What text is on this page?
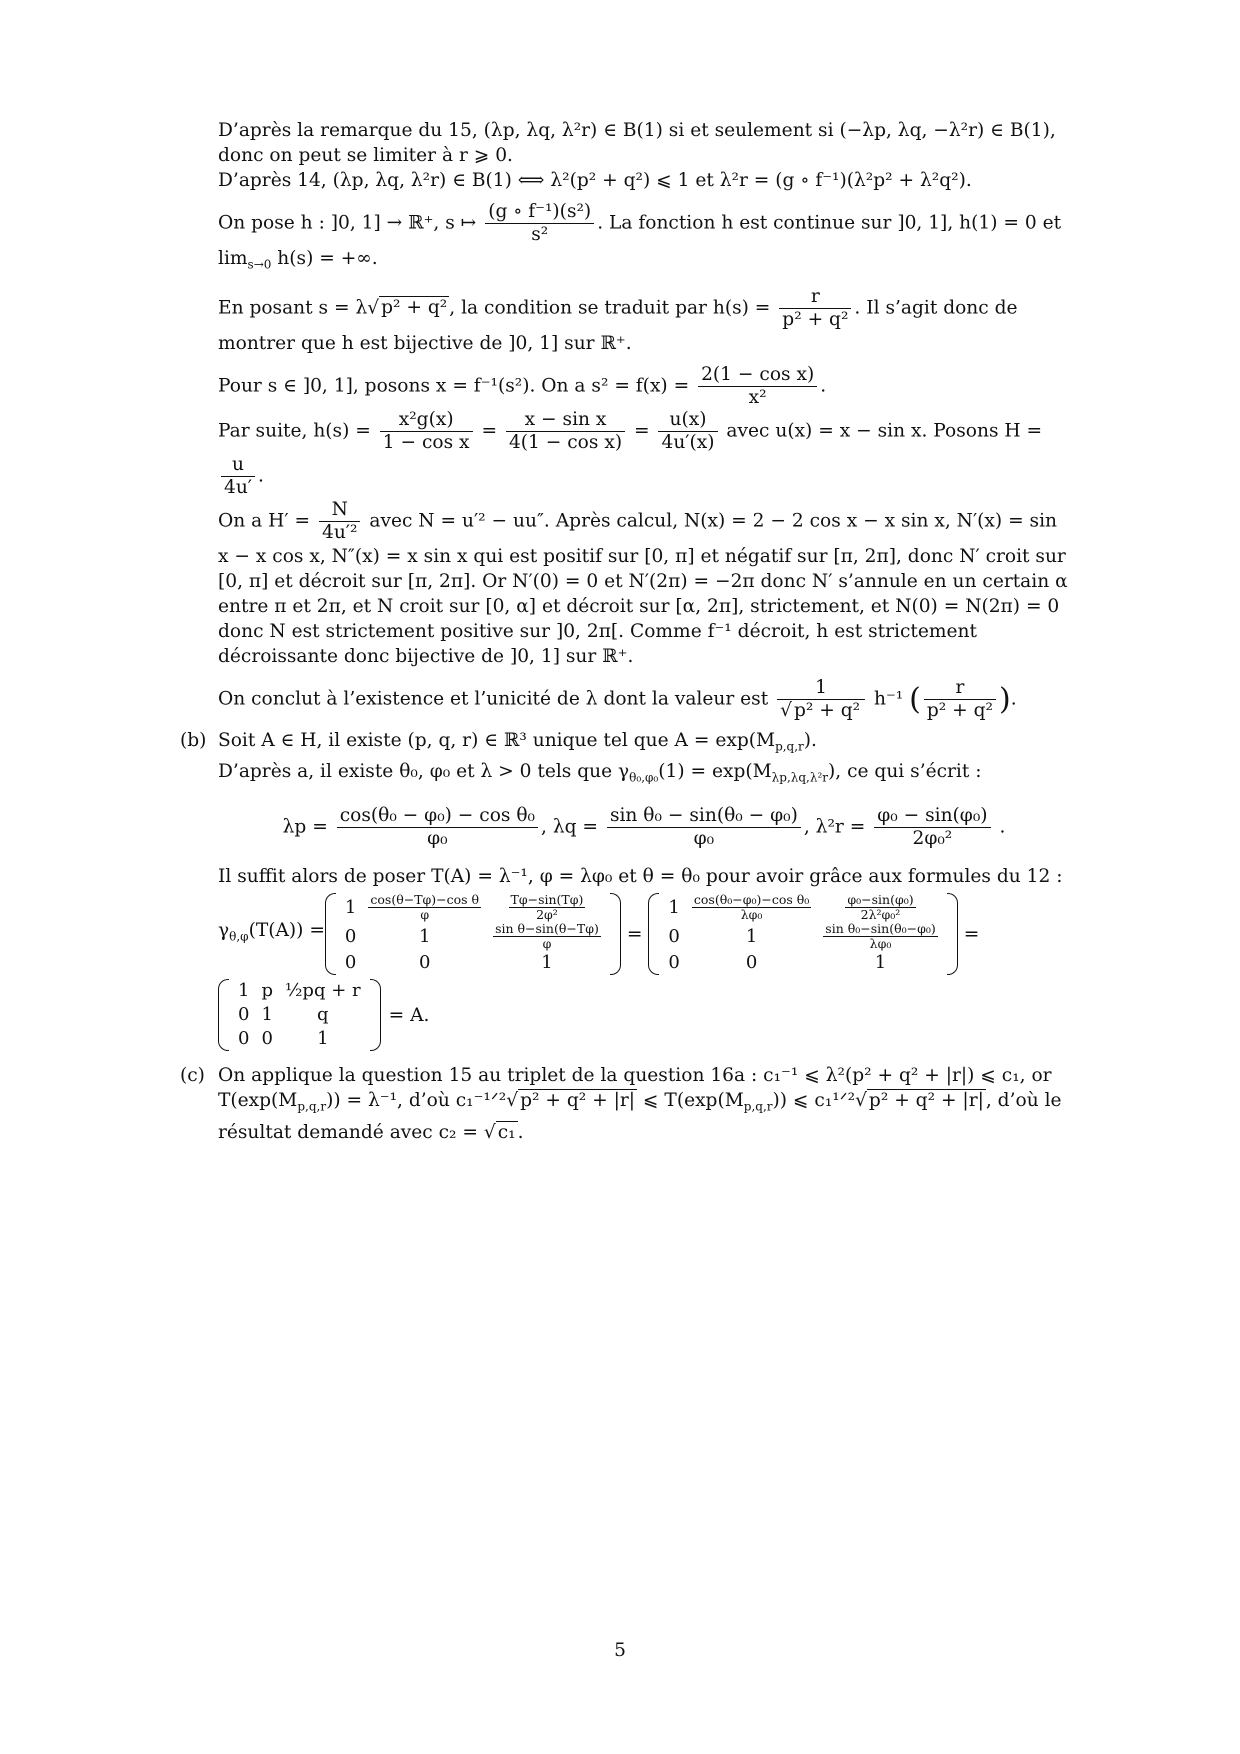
D’après la remarque du 15, (λp, λq, λ²r) ∈ B(1) si et seulement si (−λp, λq, −λ²r) ∈ B(1), donc on peut se limiter à r ⩾ 0.

D’après 14, (λp, λq, λ²r) ∈ B(1) ⟺ λ²(p² + q²) ⩽ 1 et λ²r = (g ∘ f⁻¹)(λ²p² + λ²q²).

On pose h : ]0, 1] → ℝ⁺, s ↦ $\frac{\text{(g ∘ f⁻¹)(s²)}}{\text{s²}}$ . La fonction h est continue sur ]0, 1], h(1) = 0 et $\lim_{s\to 0} h(s)$ = +∞.

En posant s = λ√ p² + q² , la condition se traduit par $h(s) = \frac{r}{\text{p² + q²}}$ . Il s’agit donc de montrer que h est bijective de ]0, 1] sur ℝ⁺.

Pour s ∈ ]0, 1], posons x = f⁻¹(s²). On a $s^2 = f(x) = \frac{\text{2(1 − cos x)}}{\text{x²}}$ .

Par suite, $h(s) = \frac{\text{x²g(x)}}{\text{1 − cos x}} = \frac{\text{x − sin x}}{\text{4(1 − cos x)}} = \frac{u(x)}{4u'(x)}$ avec u(x) = x − sin x. Posons H =
$\frac{u}{4u'}$ .

On a $H' = \frac{N}{\text{4u′²}}$ avec N = u′² − uu″. Après calcul, N(x) = 2 − 2 cos x − x sin x, N′(x) = sin x − x cos x, N″(x) = x sin x qui est positif sur [0, π] et négatif sur [π, 2π], donc N′ croit sur [0, π] et décroit sur [π, 2π]. Or N′(0) = 0 et N′(2π) = −2π donc N′ s’annule en un certain α entre π et 2π, et N croit sur [0, α] et décroit sur [α, 2π], strictement, et N(0) = N(2π) = 0 donc N est strictement positive sur ]0, 2π[. Comme f⁻¹ décroit, h est strictement décroissante donc bijective de ]0, 1] sur ℝ⁺.

On conclut à l’existence et l’unicité de λ dont la valeur est $\frac{1}{\text{√ p² + q²}} h^{-1}$ ( $\frac{r}{\text{p² + q²}}$ ).

(b) Soit A ∈ H, il existe (p, q, r) ∈ ℝ³ unique tel que $A = \exp(M_{p,q,r})$.

D’après a, il existe θ₀, φ₀ et λ > 0 tels que $\gamma_{\theta_0,\varphi_0}(1) = \exp(M_{\lambda p,\lambda q,\lambda^2r})$, ce qui s’écrit :

$\lambda p = \frac{\text{cos(θ₀ − φ₀) − cos θ₀}}{\text{φ₀}}$ , $\lambda q = \frac{\text{sin θ₀ − sin(θ₀ − φ₀)}}{\text{φ₀}}$ , $\lambda^2r = \frac{\text{φ₀ − sin(φ₀)}}{\text{2φ₀²}}$ .

Il suffit alors de poser T(A) = λ⁻¹, φ = λφ₀ et θ = θ₀ pour avoir grâce aux formules du 12 :

$\gamma_{\theta,\varphi}(T(A))$ =
1	$\frac{\text{cos(θ−Tφ)−cos θ}}{\varphi}$	$\frac{T\varphi-\sin(T\varphi)}{\text{2φ²}}$

0	1	$\frac{\text{sin θ−sin(θ−Tφ)}}{\varphi}$

0	0	1
=
1	$\frac{\text{cos(θ₀−φ₀)−cos θ₀}}{\text{λφ₀}}$	$\frac{\text{φ₀−sin(φ₀)}}{\text{2λ²φ₀²}}$

0	1	$\frac{\text{sin θ₀−sin(θ₀−φ₀)}}{\text{λφ₀}}$

0	0	1
=
1	p	½pq + r
0	1	q
0	0	1
= A.
(c) On applique la question 15 au triplet de la question 16a : c₁⁻¹ ⩽ λ²(p² + q² + |r|) ⩽ c₁, or $T(\exp(M_{p,q,r})) = \lambda^{-1}$, d’où c₁⁻¹ᐟ²√ p² + q² + |r| ⩽ $T(\exp(M_{p,q,r}))$ ⩽ c₁¹ᐟ²√ p² + q² + |r| , d’où le résultat demandé avec c₂ = √ c₁ .

5
